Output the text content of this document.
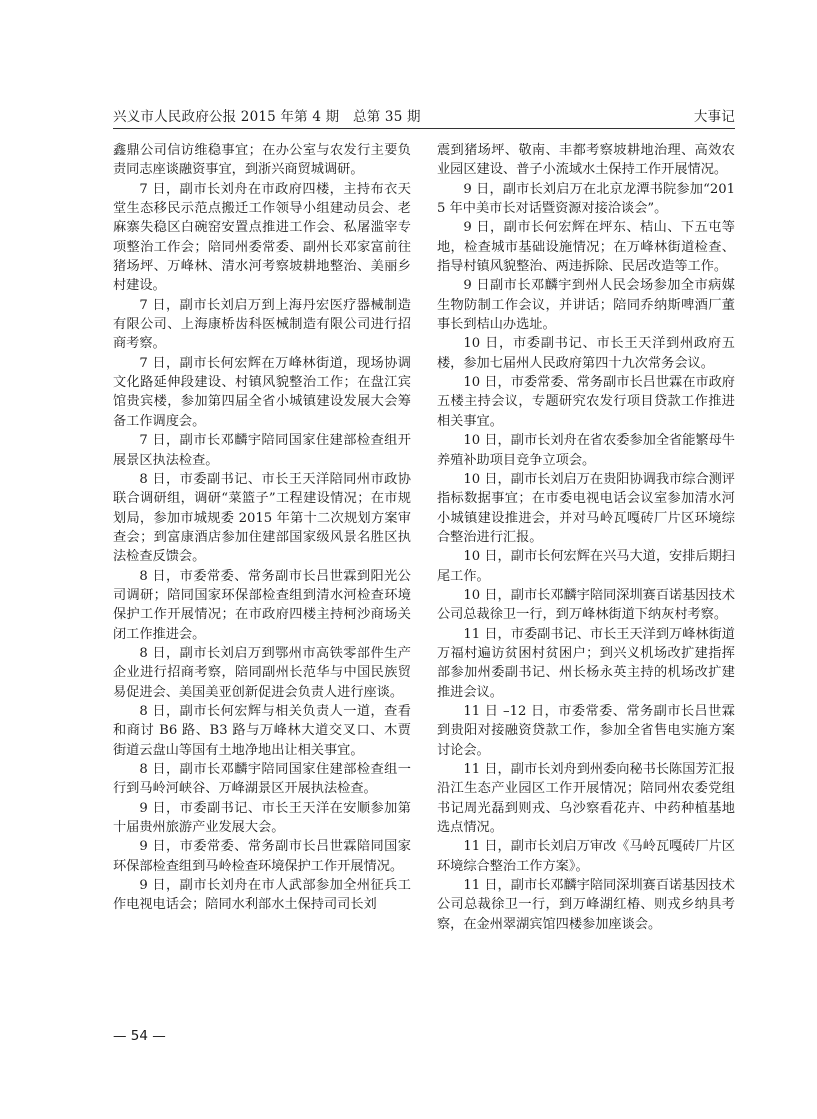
兴义市人民政府公报 2015 年第 4 期　总第 35 期	大事记

鑫鼎公司信访维稳事宜；在办公室与农发行主要负责同志座谈融资事宜，到浙兴商贸城调研。

7 日，副市长刘舟在市政府四楼，主持布衣天堂生态移民示范点搬迁工作领导小组建动员会、老麻寨失稳区白碗窑安置点推进工作会、私屠滥宰专项整治工作会；陪同州委常委、副州长邓家富前往猪场坪、万峰林、清水河考察坡耕地整治、美丽乡村建设。

7 日，副市长刘启万到上海丹宏医疗器械制造有限公司、上海康桥齿科医械制造有限公司进行招商考察。

7 日，副市长何宏辉在万峰林街道，现场协调文化路延伸段建设、村镇风貌整治工作；在盘江宾馆贵宾楼，参加第四届全省小城镇建设发展大会筹备工作调度会。

7 日，副市长邓麟宇陪同国家住建部检查组开展景区执法检查。

8 日，市委副书记、市长王天洋陪同州市政协联合调研组，调研“菜篮子”工程建设情况；在市规划局，参加市城规委 2015 年第十二次规划方案审查会；到富康酒店参加住建部国家级风景名胜区执法检查反馈会。

8 日，市委常委、常务副市长吕世霖到阳光公司调研；陪同国家环保部检查组到清水河检查环境保护工作开展情况；在市政府四楼主持柯沙商场关闭工作推进会。

8 日，副市长刘启万到鄂州市高铁零部件生产企业进行招商考察，陪同副州长范华与中国民族贸易促进会、美国美亚创新促进会负责人进行座谈。

8 日，副市长何宏辉与相关负责人一道，查看和商讨 B6 路、B3 路与万峰林大道交叉口、木贾街道云盘山等国有土地净地出让相关事宜。

8 日，副市长邓麟宇陪同国家住建部检查组一行到马岭河峡谷、万峰湖景区开展执法检查。

9 日，市委副书记、市长王天洋在安顺参加第十届贵州旅游产业发展大会。

9 日，市委常委、常务副市长吕世霖陪同国家环保部检查组到马岭检查环境保护工作开展情况。

9 日，副市长刘舟在市人武部参加全州征兵工作电视电话会；陪同水利部水土保持司司长刘

震到猪场坪、敬南、丰都考察坡耕地治理、高效农业园区建设、普子小流域水土保持工作开展情况。

9 日，副市长刘启万在北京龙潭书院参加“2015 年中美市长对话暨资源对接洽谈会”。

9 日，副市长何宏辉在坪东、桔山、下五屯等地，检查城市基础设施情况；在万峰林街道检查、指导村镇风貌整治、两违拆除、民居改造等工作。

9 日副市长邓麟宇到州人民会场参加全市病媒生物防制工作会议，并讲话；陪同乔纳斯啤酒厂董事长到桔山办选址。

10 日，市委副书记、市长王天洋到州政府五楼，参加七届州人民政府第四十九次常务会议。

10 日，市委常委、常务副市长吕世霖在市政府五楼主持会议，专题研究农发行项目贷款工作推进相关事宜。

10 日，副市长刘舟在省农委参加全省能繁母牛养殖补助项目竞争立项会。

10 日，副市长刘启万在贵阳协调我市综合测评指标数据事宜；在市委电视电话会议室参加清水河小城镇建设推进会，并对马岭瓦嘎砖厂片区环境综合整治进行汇报。

10 日，副市长何宏辉在兴马大道，安排后期扫尾工作。

10 日，副市长邓麟宇陪同深圳赛百诺基因技术公司总裁徐卫一行，到万峰林街道下纳灰村考察。

11 日，市委副书记、市长王天洋到万峰林街道万福村遍访贫困村贫困户；到兴义机场改扩建指挥部参加州委副书记、州长杨永英主持的机场改扩建推进会议。

11 日 –12 日，市委常委、常务副市长吕世霖到贵阳对接融资贷款工作，参加全省售电实施方案讨论会。

11 日，副市长刘舟到州委向秘书长陈国芳汇报沿江生态产业园区工作开展情况；陪同州农委党组书记周光磊到则戎、乌沙察看花卉、中药种植基地选点情况。

11 日，副市长刘启万审改《马岭瓦嘎砖厂片区环境综合整治工作方案》。

11 日，副市长邓麟宇陪同深圳赛百诺基因技术公司总裁徐卫一行，到万峰湖红椿、则戎乡纳具考察，在金州翠湖宾馆四楼参加座谈会。

— 54 —
